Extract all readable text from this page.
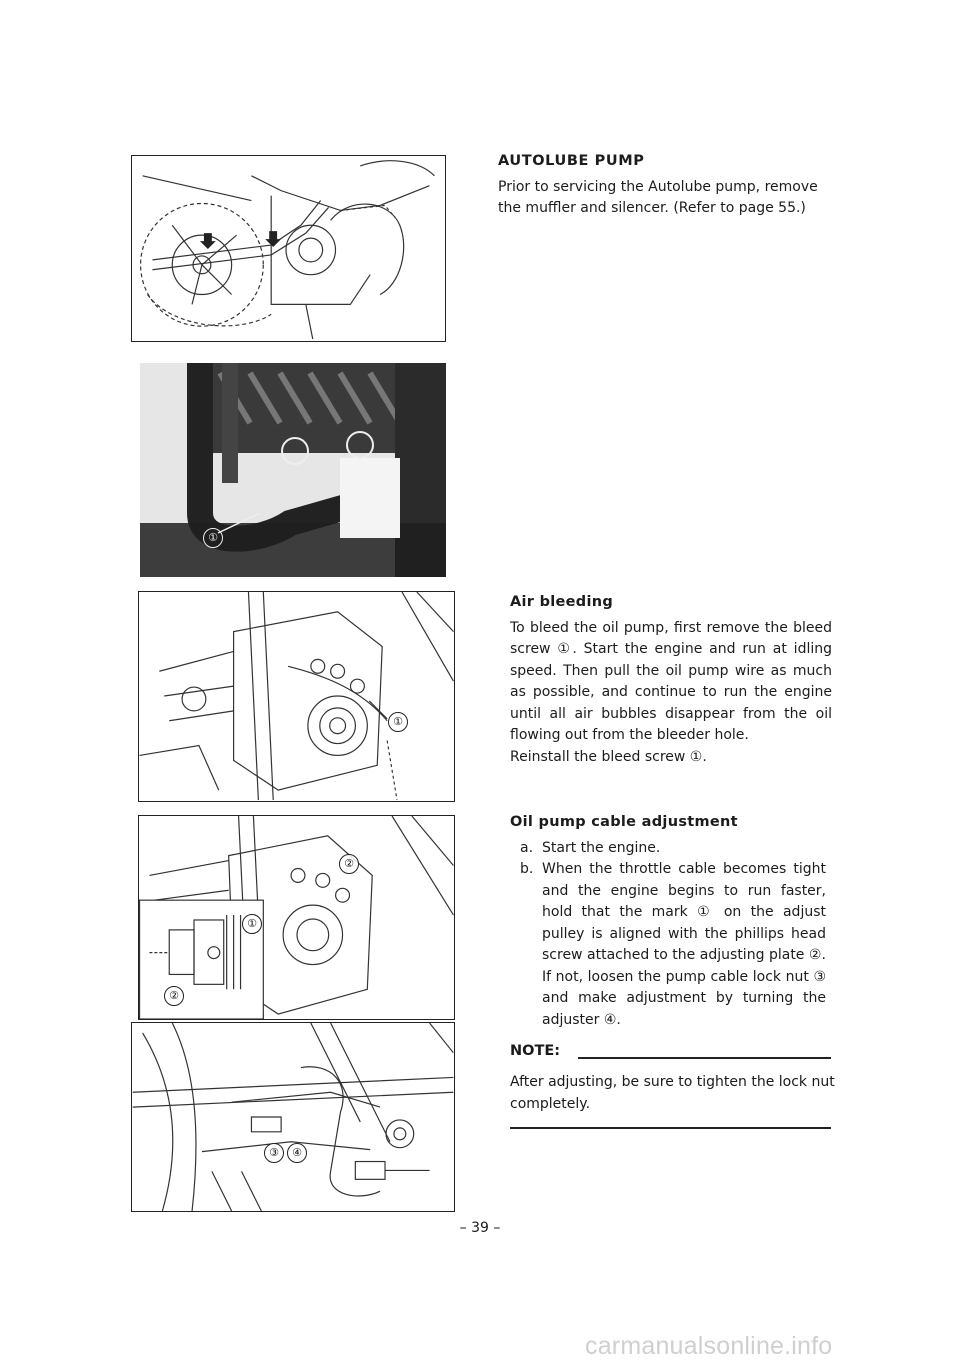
①
①
①
②
②
③	④
AUTOLUBE PUMP

Prior to servicing the Autolube pump, remove the muffler and silencer. (Refer to page 55.)

Air bleeding

To bleed the oil pump, first remove the bleed screw ①. Start the engine and run at idling speed. Then pull the oil pump wire as much as possible, and continue to run the engine until all air bubbles disappear from the oil flowing out from the bleeder hole.

Reinstall the bleed screw ①.

Oil pump cable adjustment
a. Start the engine.
b. When the throttle cable becomes tight and the engine begins to run faster, hold that the mark ① on the adjust pulley is aligned with the phillips head screw attached to the adjusting plate ②. If not, loosen the pump cable lock nut ③ and make adjustment by turning the adjuster ④.
NOTE:
After adjusting, be sure to tighten the lock nut completely.
– 39 –
carmanualsonline.info
